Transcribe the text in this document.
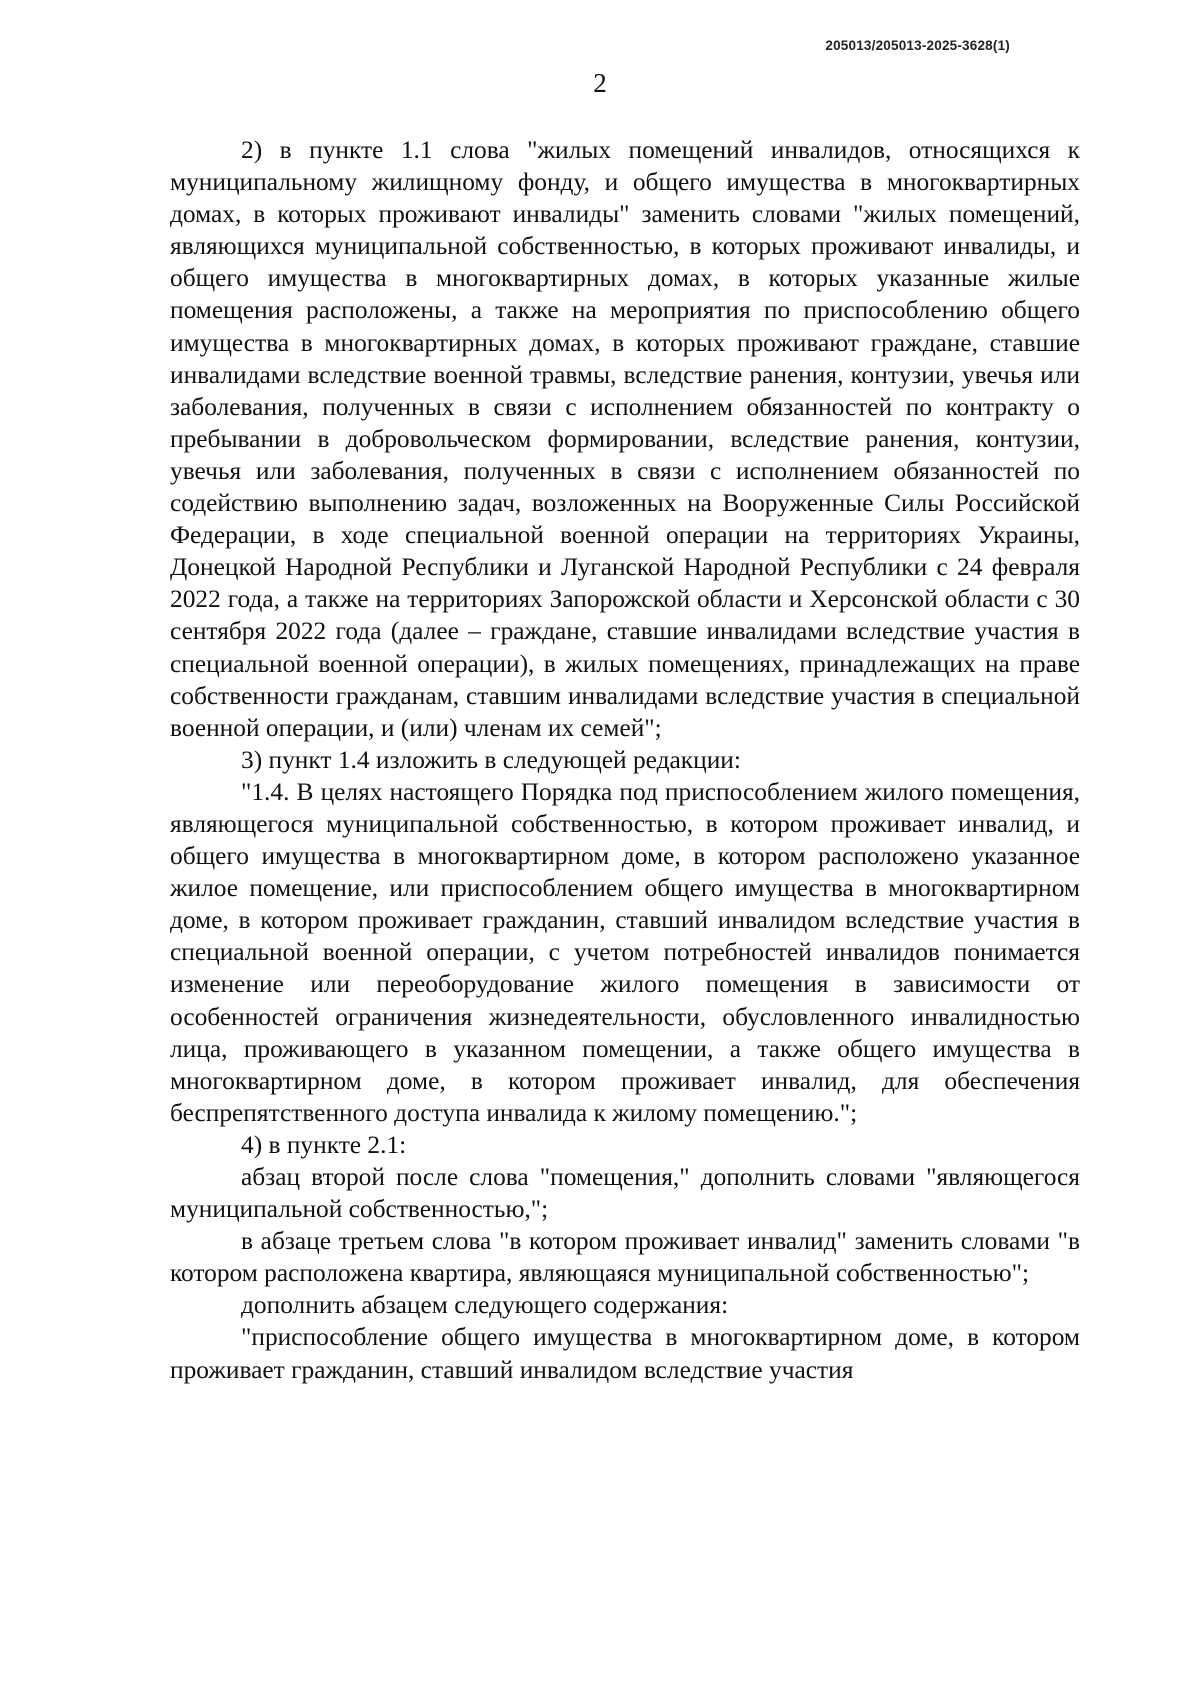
205013/205013-2025-3628(1)
2

2) в пункте 1.1 слова "жилых помещений инвалидов, относящихся к муниципальному жилищному фонду, и общего имущества в многоквартирных домах, в которых проживают инвалиды" заменить словами "жилых помещений, являющихся муниципальной собственностью, в которых проживают инвалиды, и общего имущества в многоквартирных домах, в которых указанные жилые помещения расположены, а также на мероприятия по приспособлению общего имущества в многоквартирных домах, в которых проживают граждане, ставшие инвалидами вследствие военной травмы, вследствие ранения, контузии, увечья или заболевания, полученных в связи с исполнением обязанностей по контракту о пребывании в добровольческом формировании, вследствие ранения, контузии, увечья или заболевания, полученных в связи с исполнением обязанностей по содействию выполнению задач, возложенных на Вооруженные Силы Российской Федерации, в ходе специальной военной операции на территориях Украины, Донецкой Народной Республики и Луганской Народной Республики с 24 февраля 2022 года, а также на территориях Запорожской области и Херсонской области с 30 сентября 2022 года (далее – граждане, ставшие инвалидами вследствие участия в специальной военной операции), в жилых помещениях, принадлежащих на праве собственности гражданам, ставшим инвалидами вследствие участия в специальной военной операции, и (или) членам их семей";

3) пункт 1.4 изложить в следующей редакции:

"1.4. В целях настоящего Порядка под приспособлением жилого помещения, являющегося муниципальной собственностью, в котором проживает инвалид, и общего имущества в многоквартирном доме, в котором расположено указанное жилое помещение, или приспособлением общего имущества в многоквартирном доме, в котором проживает гражданин, ставший инвалидом вследствие участия в специальной военной операции, с учетом потребностей инвалидов понимается изменение или переоборудование жилого помещения в зависимости от особенностей ограничения жизнедеятельности, обусловленного инвалидностью лица, проживающего в указанном помещении, а также общего имущества в многоквартирном доме, в котором проживает инвалид, для обеспечения беспрепятственного доступа инвалида к жилому помещению.";

4) в пункте 2.1:

абзац второй после слова "помещения," дополнить словами "являющегося муниципальной собственностью,";

в абзаце третьем слова "в котором проживает инвалид" заменить словами "в котором расположена квартира, являющаяся муниципальной собственностью";

дополнить абзацем следующего содержания:

"приспособление общего имущества в многоквартирном доме, в котором проживает гражданин, ставший инвалидом вследствие участия
